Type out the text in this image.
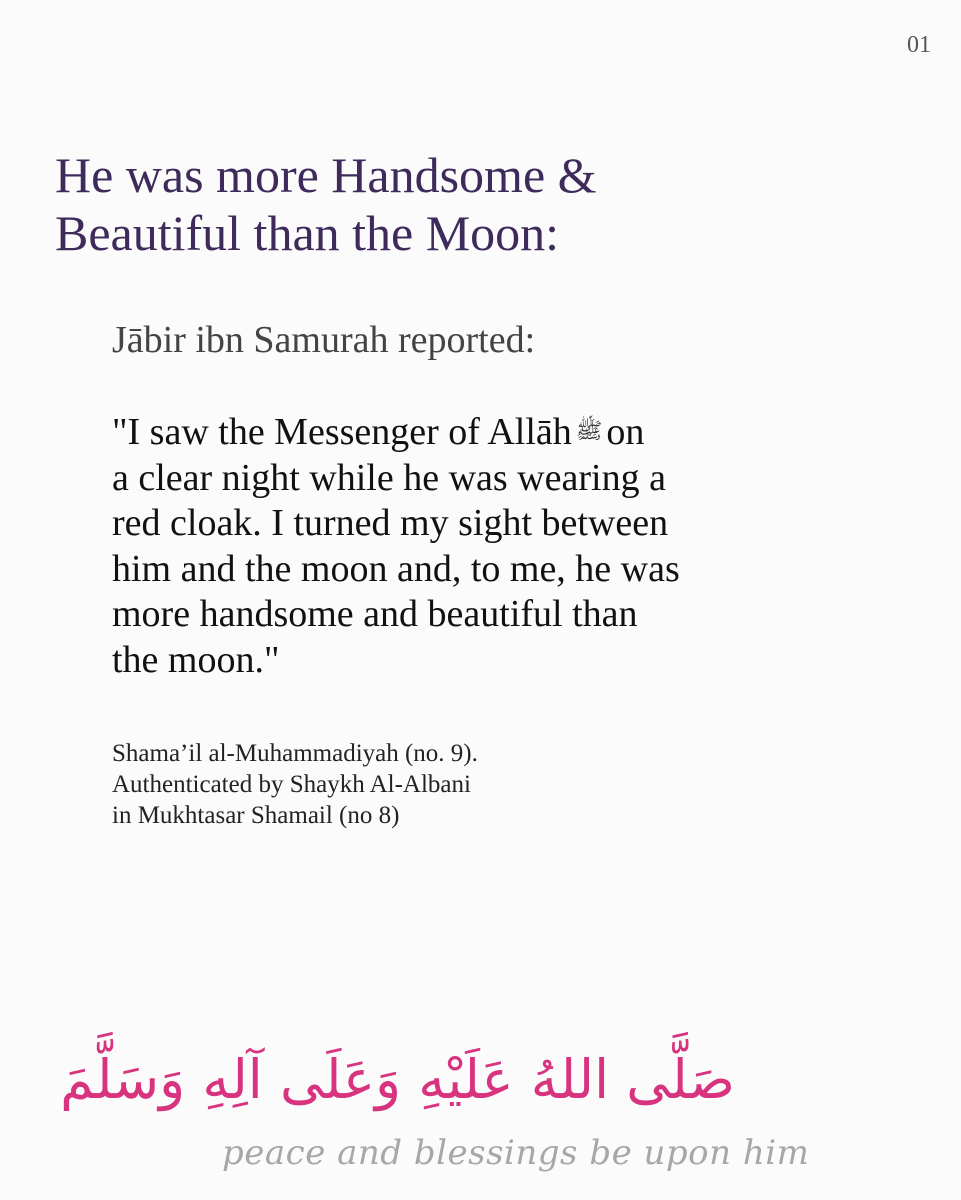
01
He was more Handsome &
Beautiful than the Moon:
Jābir ibn Samurah reported:
"I saw the Messenger of Allāh ﷺ on
a clear night while he was wearing a
red cloak. I turned my sight between
him and the moon and, to me, he was
more handsome and beautiful than
the moon."
Shama’il al-Muhammadiyah (no. 9).
Authenticated by Shaykh Al-Albani
in Mukhtasar Shamail (no 8)
صَلَّى اللهُ عَلَيْهِ وَعَلَى آلِهِ وَسَلَّمَ
peace and blessings be upon him
